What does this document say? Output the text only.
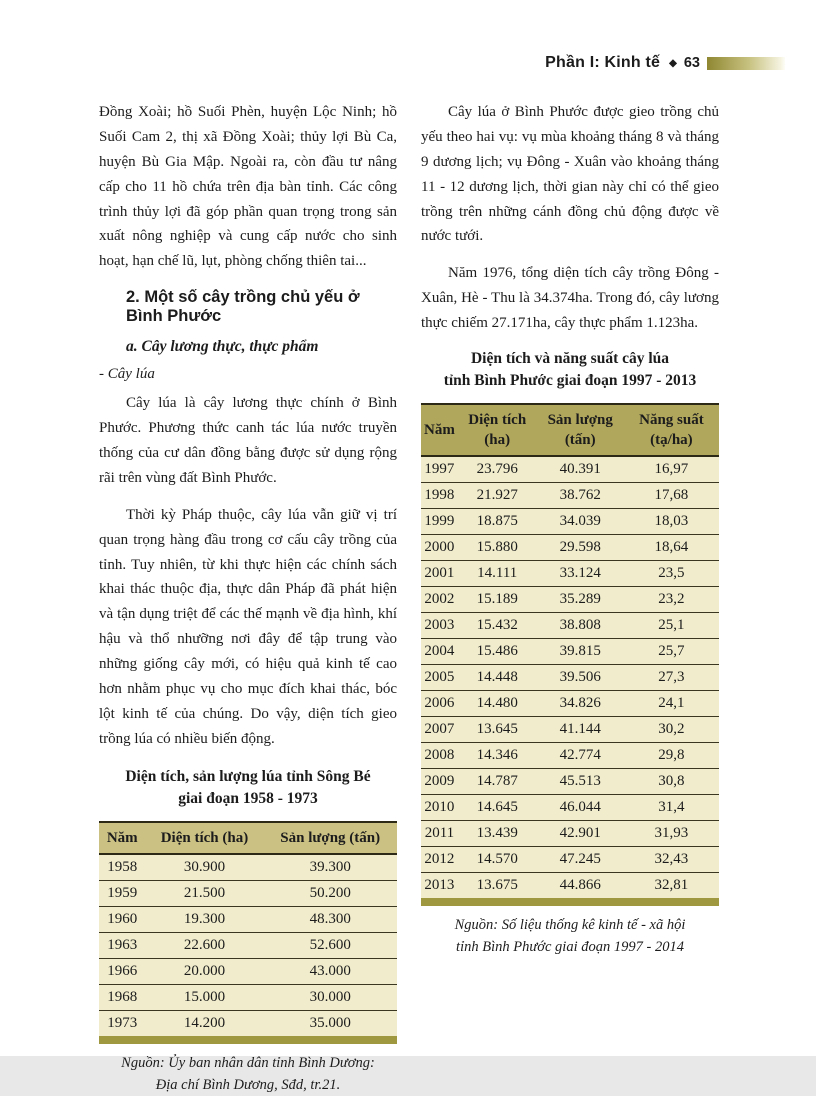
Phần I: Kinh tế ◆ 63

Đồng Xoài; hồ Suối Phèn, huyện Lộc Ninh; hồ Suối Cam 2, thị xã Đồng Xoài; thủy lợi Bù Ca, huyện Bù Gia Mập. Ngoài ra, còn đầu tư nâng cấp cho 11 hồ chứa trên địa bàn tỉnh. Các công trình thủy lợi đã góp phần quan trọng trong sản xuất nông nghiệp và cung cấp nước cho sinh hoạt, hạn chế lũ, lụt, phòng chống thiên tai...

2. Một số cây trồng chủ yếu ở Bình Phước
a. Cây lương thực, thực phẩm

- Cây lúa

Cây lúa là cây lương thực chính ở Bình Phước. Phương thức canh tác lúa nước truyền thống của cư dân đồng bằng được sử dụng rộng rãi trên vùng đất Bình Phước.

Thời kỳ Pháp thuộc, cây lúa vẫn giữ vị trí quan trọng hàng đầu trong cơ cấu cây trồng của tỉnh. Tuy nhiên, từ khi thực hiện các chính sách khai thác thuộc địa, thực dân Pháp đã phát hiện và tận dụng triệt để các thế mạnh về địa hình, khí hậu và thổ nhưỡng nơi đây để tập trung vào những giống cây mới, có hiệu quả kinh tế cao hơn nhằm phục vụ cho mục đích khai thác, bóc lột kinh tế của chúng. Do vậy, diện tích gieo trồng lúa có nhiều biến động.

Diện tích, sản lượng lúa tỉnh Sông Bé
giai đoạn 1958 - 1973
Năm	Diện tích (ha)	Sản lượng (tấn)
1958	30.900	39.300
1959	21.500	50.200
1960	19.300	48.300
1963	22.600	52.600
1966	20.000	43.000
1968	15.000	30.000
1973	14.200	35.000

Nguồn: Ủy ban nhân dân tỉnh Bình Dương:
Địa chí Bình Dương, Sđd, tr.21.

Cây lúa ở Bình Phước được gieo trồng chủ yếu theo hai vụ: vụ mùa khoảng tháng 8 và tháng 9 dương lịch; vụ Đông - Xuân vào khoảng tháng 11 - 12 dương lịch, thời gian này chỉ có thể gieo trồng trên những cánh đồng chủ động được về nước tưới.

Năm 1976, tổng diện tích cây trồng Đông - Xuân, Hè - Thu là 34.374ha. Trong đó, cây lương thực chiếm 27.171ha, cây thực phẩm 1.123ha.

Diện tích và năng suất cây lúa
tỉnh Bình Phước giai đoạn 1997 - 2013
Năm	Diện tích (ha)	Sản lượng (tấn)	Năng suất (tạ/ha)
1997	23.796	40.391	16,97
1998	21.927	38.762	17,68
1999	18.875	34.039	18,03
2000	15.880	29.598	18,64
2001	14.111	33.124	23,5
2002	15.189	35.289	23,2
2003	15.432	38.808	25,1
2004	15.486	39.815	25,7
2005	14.448	39.506	27,3
2006	14.480	34.826	24,1
2007	13.645	41.144	30,2
2008	14.346	42.774	29,8
2009	14.787	45.513	30,8
2010	14.645	46.044	31,4
2011	13.439	42.901	31,93
2012	14.570	47.245	32,43
2013	13.675	44.866	32,81

Nguồn: Số liệu thống kê kinh tế - xã hội
tỉnh Bình Phước giai đoạn 1997 - 2014
